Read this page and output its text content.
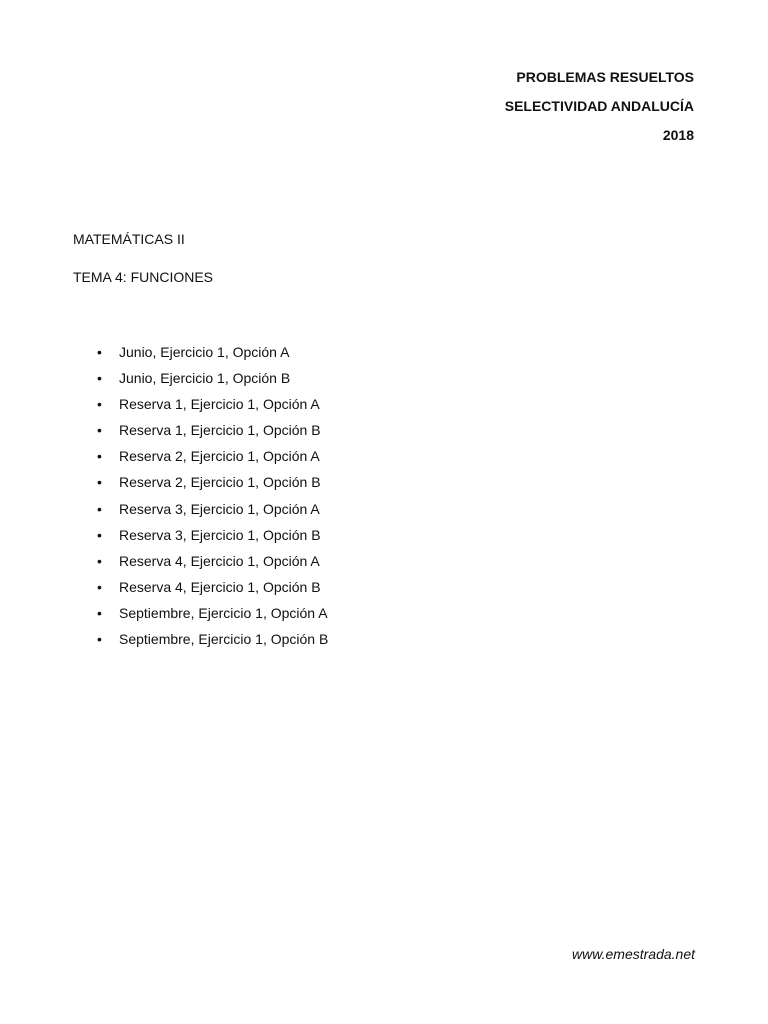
PROBLEMAS RESUELTOS
SELECTIVIDAD ANDALUCÍA
2018
MATEMÁTICAS II
TEMA 4: FUNCIONES
•	Junio, Ejercicio 1, Opción A
•	Junio, Ejercicio 1, Opción B
•	Reserva 1, Ejercicio 1, Opción A
•	Reserva 1, Ejercicio 1, Opción B
•	Reserva 2, Ejercicio 1, Opción A
•	Reserva 2, Ejercicio 1, Opción B
•	Reserva 3, Ejercicio 1, Opción A
•	Reserva 3, Ejercicio 1, Opción B
•	Reserva 4, Ejercicio 1, Opción A
•	Reserva 4, Ejercicio 1, Opción B
•	Septiembre, Ejercicio 1, Opción A
•	Septiembre, Ejercicio 1, Opción B
www.emestrada.net
